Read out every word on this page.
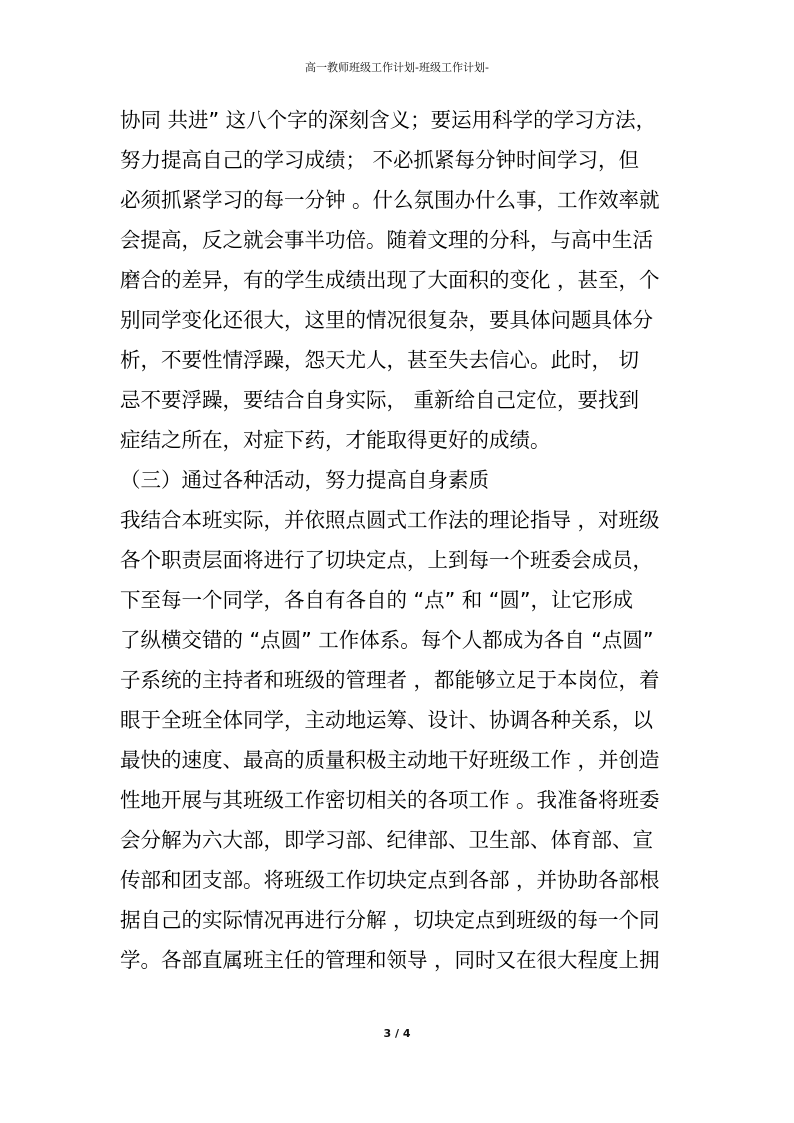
高一教师班级工作计划-班级工作计划-
协同 共进” 这八个字的深刻含义；要运用科学的学习方法，
努力提高自己的学习成绩； 不必抓紧每分钟时间学习，但
必须抓紧学习的每一分钟 。什么氛围办什么事，工作效率就
会提高，反之就会事半功倍。随着文理的分科，与高中生活
磨合的差异，有的学生成绩出现了大面积的变化 ，甚至，个
别同学变化还很大，这里的情况很复杂，要具体问题具体分
析，不要性情浮躁，怨天尤人，甚至失去信心。此时， 切
忌不要浮躁，要结合自身实际， 重新给自己定位，要找到
症结之所在，对症下药，才能取得更好的成绩。
（三）通过各种活动，努力提高自身素质
我结合本班实际，并依照点圆式工作法的理论指导 ，对班级
各个职责层面将进行了切块定点，上到每一个班委会成员，
下至每一个同学，各自有各自的 “点” 和 “圆”，让它形成
了纵横交错的 “点圆” 工作体系。每个人都成为各自 “点圆”
子系统的主持者和班级的管理者 ，都能够立足于本岗位，着
眼于全班全体同学，主动地运筹、设计、协调各种关系，以
最快的速度、最高的质量积极主动地干好班级工作 ，并创造
性地开展与其班级工作密切相关的各项工作 。我准备将班委
会分解为六大部，即学习部、纪律部、卫生部、体育部、宣
传部和团支部。将班级工作切块定点到各部 ，并协助各部根
据自己的实际情况再进行分解 ，切块定点到班级的每一个同
学。各部直属班主任的管理和领导 ，同时又在很大程度上拥
3 / 4
